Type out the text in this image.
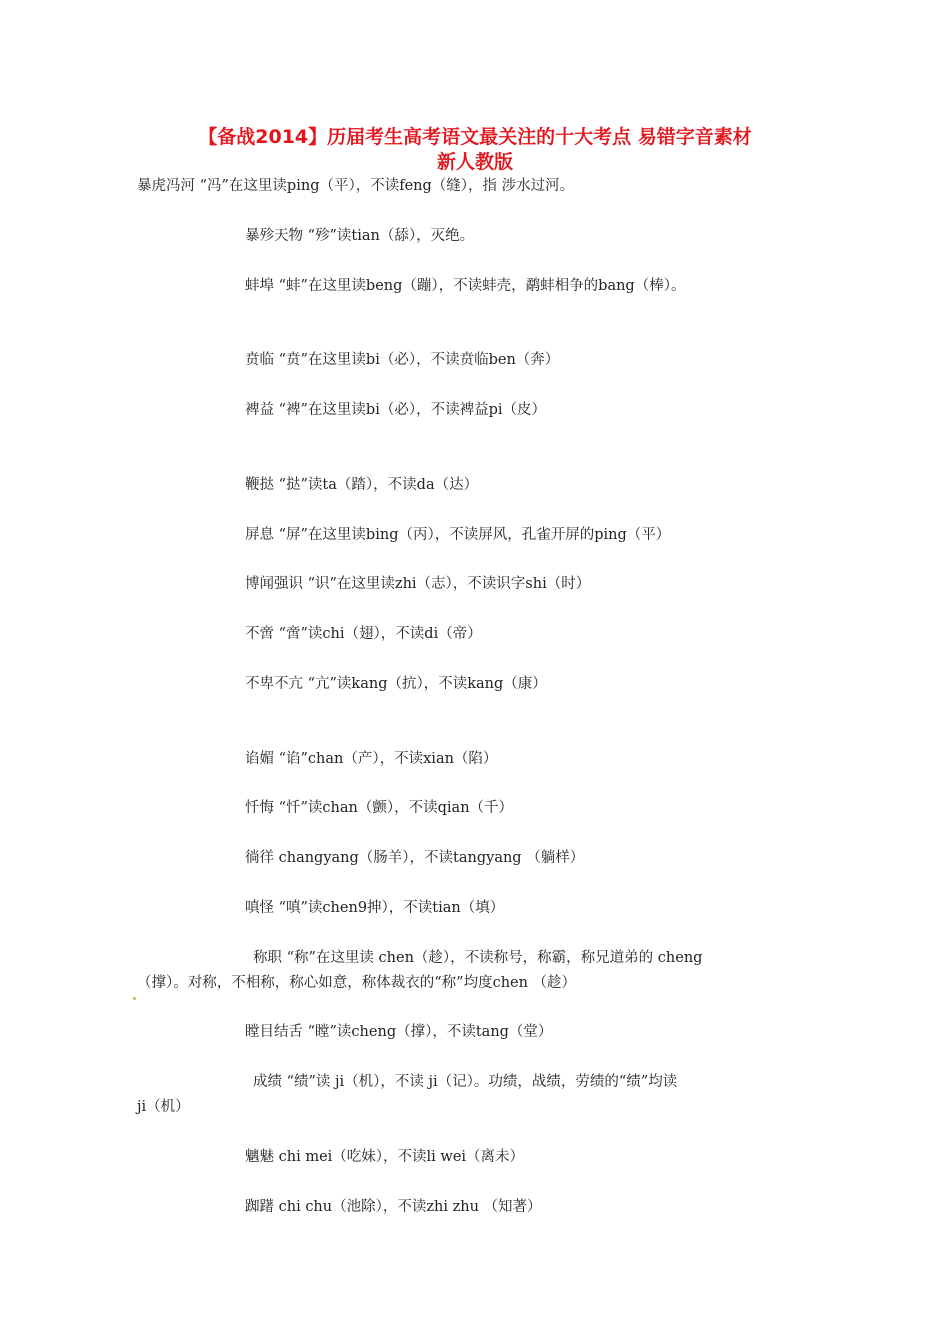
【备战2014】历届考生高考语文最关注的十大考点 易错字音素材
新人教版

暴虎冯河 “冯”在这里读ping（平），不读feng（缝），指 涉水过河。

暴殄天物 “殄”读tian（舔），灭绝。

蚌埠 “蚌”在这里读beng（蹦），不读蚌壳，鹬蚌相争的bang（棒）。

贲临 “贲”在这里读bi（必），不读贲临ben（奔）

裨益 “裨”在这里读bi（必），不读裨益pi（皮）

鞭挞 “挞”读ta（踏），不读da（达）

屏息 “屏”在这里读bing（丙），不读屏风，孔雀开屏的ping（平）

博闻强识 “识”在这里读zhi（志），不读识字shi（时）

不啻 “啻”读chi（翅），不读di（帝）

不卑不亢 “亢”读kang（抗），不读kang（康）

谄媚 “谄”chan（产），不读xian（陷）

忏悔 “忏”读chan（颤），不读qian（千）

徜徉 changyang（肠羊），不读tangyang （躺样）

嗔怪 “嗔”读chen9抻），不读tian（填）

称职 “称”在这里读 chen（趁），不读称号，称霸，称兄道弟的 cheng

（撑）。对称，不相称，称心如意，称体裁衣的“称”均度chen （趁）

瞠目结舌 “瞠”读cheng（撑），不读tang（堂）

成绩 “绩”读 ji（机），不读 ji（记）。功绩，战绩，劳绩的“绩”均读

ji（机）

魑魅 chi mei（吃妹），不读li wei（离未）

踟躇 chi chu（池除），不读zhi zhu （知著）
